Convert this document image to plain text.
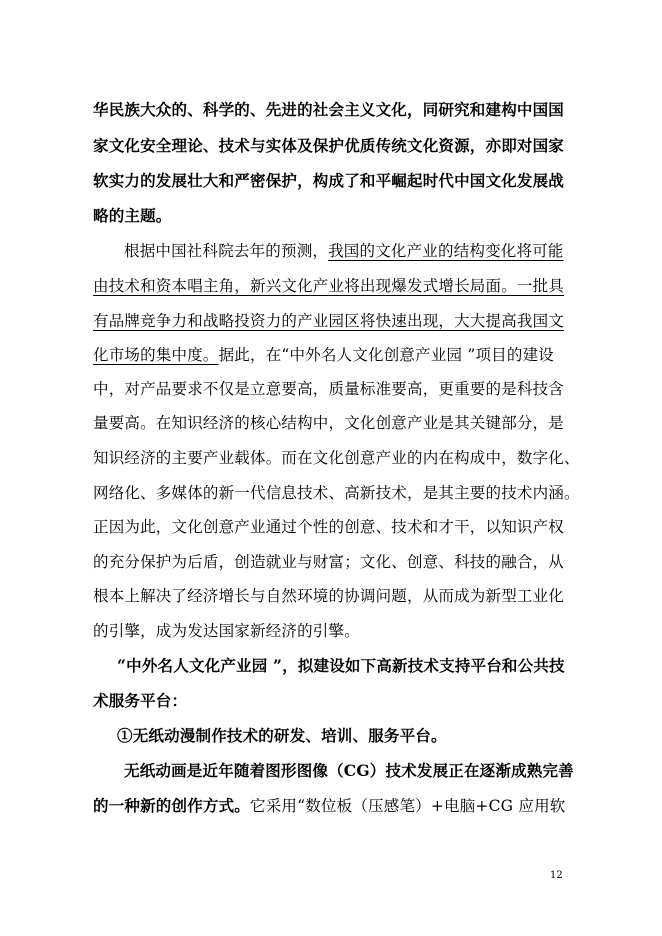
华民族大众的、科学的、先进的社会主义文化，同研究和建构中国国
家文化安全理论、技术与实体及保护优质传统文化资源，亦即对国家
软实力的发展壮大和严密保护，构成了和平崛起时代中国文化发展战
略的主题。
根据中国社科院去年的预测，我国的文化产业的结构变化将可能
由技术和资本唱主角，新兴文化产业将出现爆发式增长局面。一批具
有品牌竞争力和战略投资力的产业园区将快速出现，大大提高我国文
化市场的集中度。据此，在“中外名人文化创意产业园 ”项目的建设
中，对产品要求不仅是立意要高，质量标准要高，更重要的是科技含
量要高。在知识经济的核心结构中，文化创意产业是其关键部分，是
知识经济的主要产业载体。而在文化创意产业的内在构成中，数字化、
网络化、多媒体的新一代信息技术、高新技术，是其主要的技术内涵。
正因为此，文化创意产业通过个性的创意、技术和才干，以知识产权
的充分保护为后盾，创造就业与财富；文化、创意、科技的融合，从
根本上解决了经济增长与自然环境的协调问题，从而成为新型工业化
的引擎，成为发达国家新经济的引擎。
“中外名人文化产业园 ”，拟建设如下高新技术支持平台和公共技
术服务平台：
①无纸动漫制作技术的研发、培训、服务平台。
无纸动画是近年随着图形图像（CG）技术发展正在逐渐成熟完善
的一种新的创作方式。它采用“数位板（压感笔）+电脑+CG 应用软
12
